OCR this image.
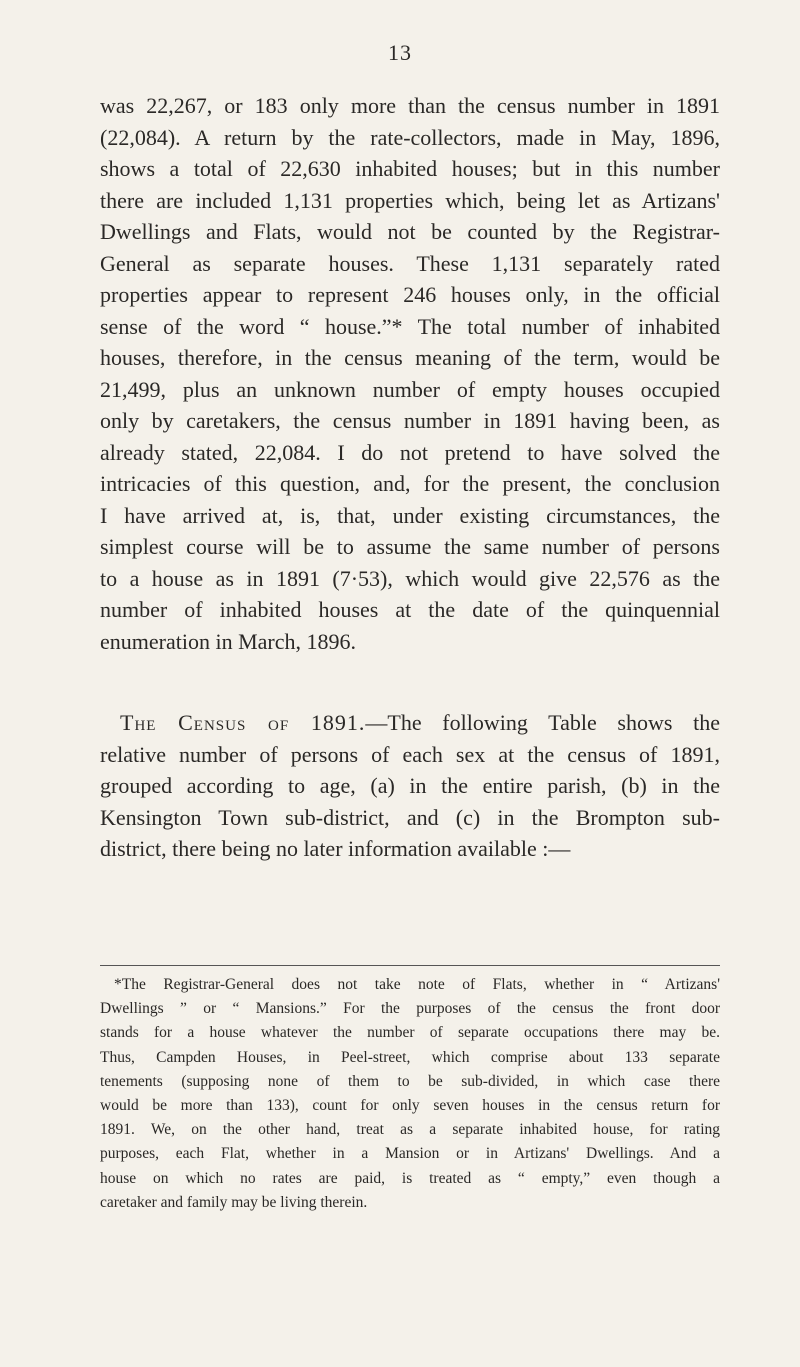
13
was 22,267, or 183 only more than the census number in 1891
(22,084). A return by the rate-collectors, made in May, 1896,
shows a total of 22,630 inhabited houses; but in this number
there are included 1,131 properties which, being let as Artizans'
Dwellings and Flats, would not be counted by the Registrar-
General as separate houses. These 1,131 separately rated
properties appear to represent 246 houses only, in the official
sense of the word “ house.”* The total number of inhabited
houses, therefore, in the census meaning of the term, would be
21,499, plus an unknown number of empty houses occupied
only by caretakers, the census number in 1891 having been, as
already stated, 22,084. I do not pretend to have solved the
intricacies of this question, and, for the present, the conclusion
I have arrived at, is, that, under existing circumstances, the
simplest course will be to assume the same number of persons
to a house as in 1891 (7·53), which would give 22,576 as the
number of inhabited houses at the date of the quinquennial
enumeration in March, 1896.
The Census of 1891.—The following Table shows the
relative number of persons of each sex at the census of 1891,
grouped according to age, (a) in the entire parish, (b) in the
Kensington Town sub-district, and (c) in the Brompton sub-
district, there being no later information available :—
*The Registrar-General does not take note of Flats, whether in “ Artizans'
Dwellings ” or “ Mansions.” For the purposes of the census the front door
stands for a house whatever the number of separate occupations there may be.
Thus, Campden Houses, in Peel-street, which comprise about 133 separate
tenements (supposing none of them to be sub-divided, in which case there
would be more than 133), count for only seven houses in the census return for
1891. We, on the other hand, treat as a separate inhabited house, for rating
purposes, each Flat, whether in a Mansion or in Artizans' Dwellings. And a
house on which no rates are paid, is treated as “ empty,” even though a
caretaker and family may be living therein.
